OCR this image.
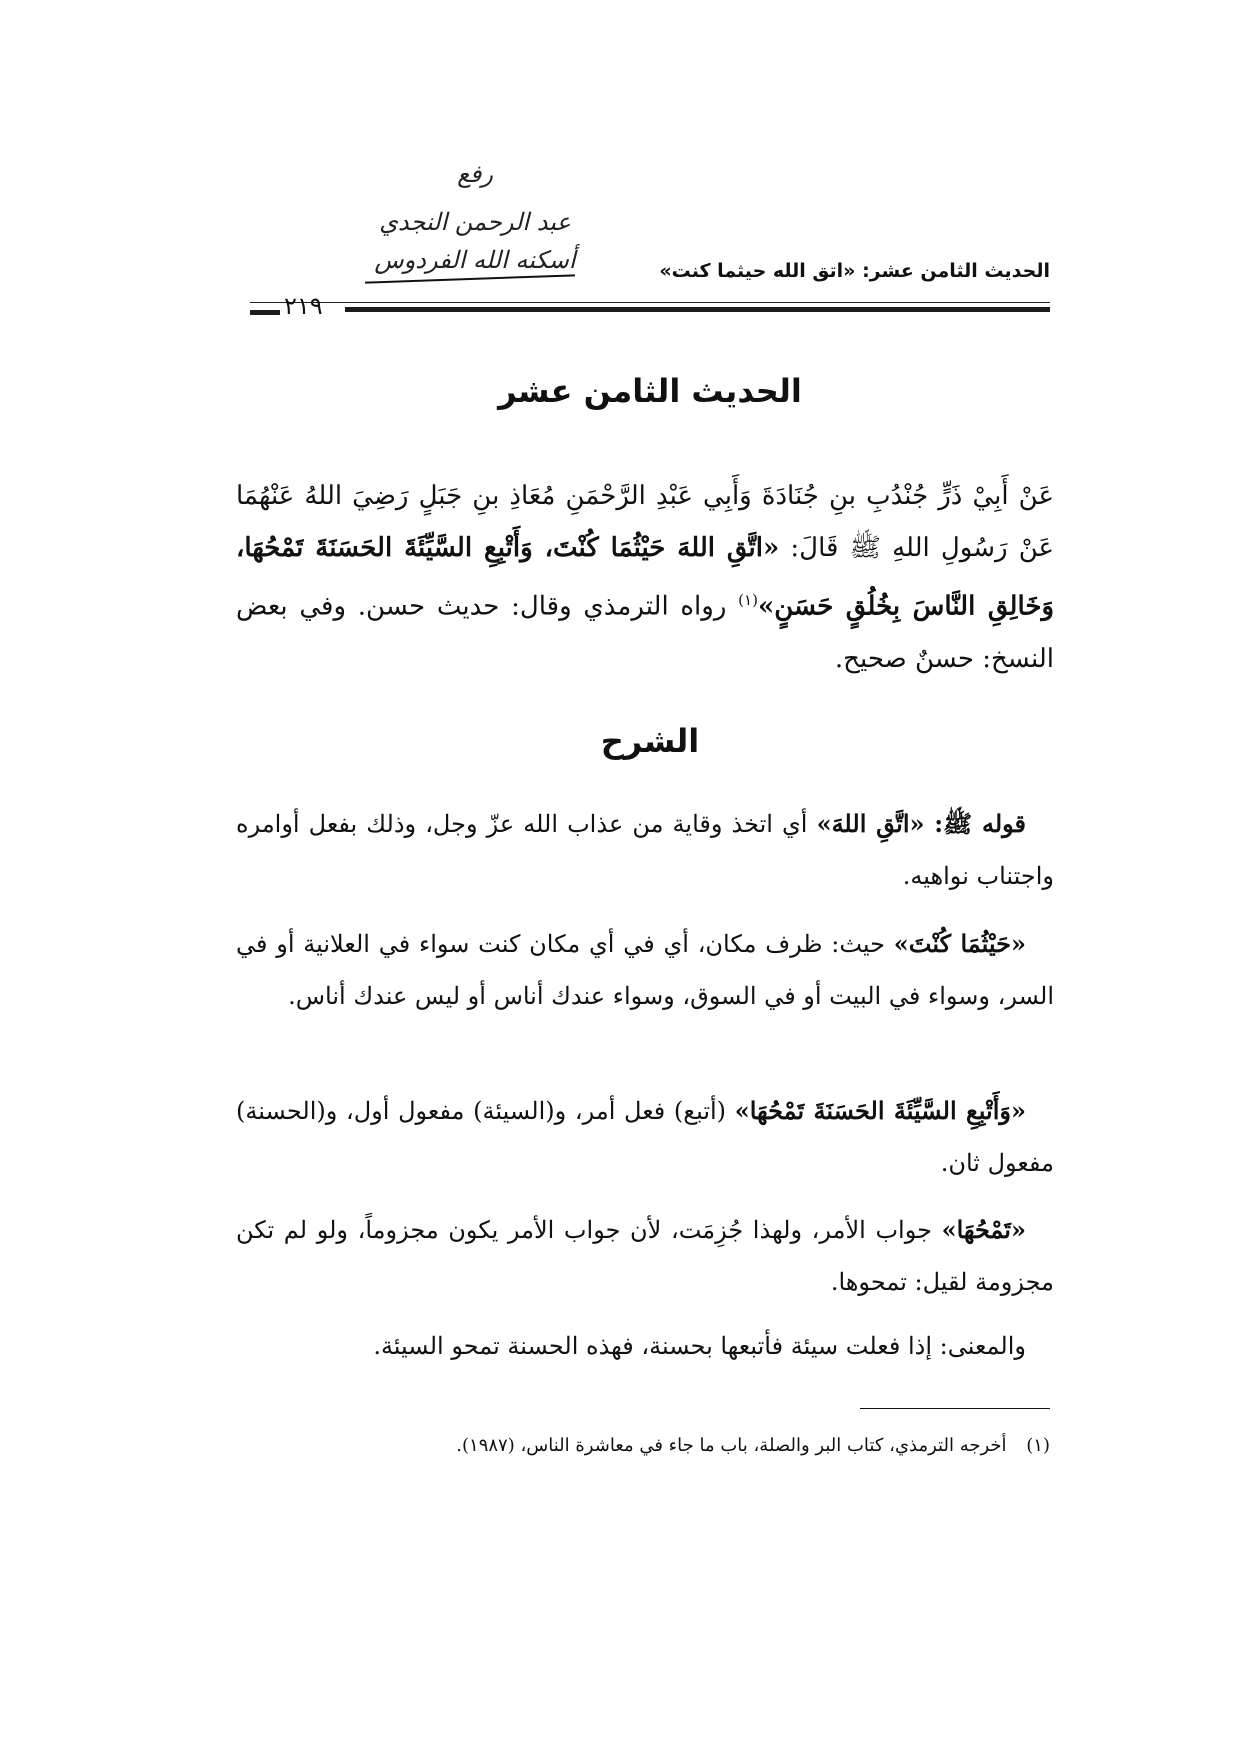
رفع
عبد الرحمن النجدي
أسكنه الله الفردوس	الحديث الثامن عشر: «اتق الله حيثما كنت»
٢١٩
الحديث الثامن عشر
عَنْ أَبِيْ ذَرٍّ جُنْدُبِ بنِ جُنَادَةَ وَأَبِي عَبْدِ الرَّحْمَنِ مُعَاذِ بنِ جَبَلٍ رَضِيَ اللهُ عَنْهُمَا عَنْ رَسُولِ اللهِ ﷺ قَالَ: «اتَّقِ اللهَ حَيْثُمَا كُنْتَ، وَأَتْبِعِ السَّيِّئَةَ الحَسَنَةَ تَمْحُهَا، وَخَالِقِ النَّاسَ بِخُلُقٍ حَسَنٍ»$^{(١)}$ رواه الترمذي وقال: حديث حسن. وفي بعض النسخ: حسنٌ صحيح.
الشرح
قوله ﷺ: «اتَّقِ اللهَ» أي اتخذ وقاية من عذاب الله عزّ وجل، وذلك بفعل أوامره واجتناب نواهيه.
«حَيْثُمَا كُنْتَ» حيث: ظرف مكان، أي في أي مكان كنت سواء في العلانية أو في السر، وسواء في البيت أو في السوق، وسواء عندك أناس أو ليس عندك أناس.
«وَأَتْبِعِ السَّيِّئَةَ الحَسَنَةَ تَمْحُهَا» (أتبع) فعل أمر، و(السيئة) مفعول أول، و(الحسنة) مفعول ثان.
«تَمْحُهَا» جواب الأمر، ولهذا جُزِمَت، لأن جواب الأمر يكون مجزوماً، ولو لم تكن مجزومة لقيل: تمحوها.
والمعنى: إذا فعلت سيئة فأتبعها بحسنة، فهذه الحسنة تمحو السيئة.
(١) أخرجه الترمذي، كتاب البر والصلة، باب ما جاء في معاشرة الناس، (١٩٨٧).
